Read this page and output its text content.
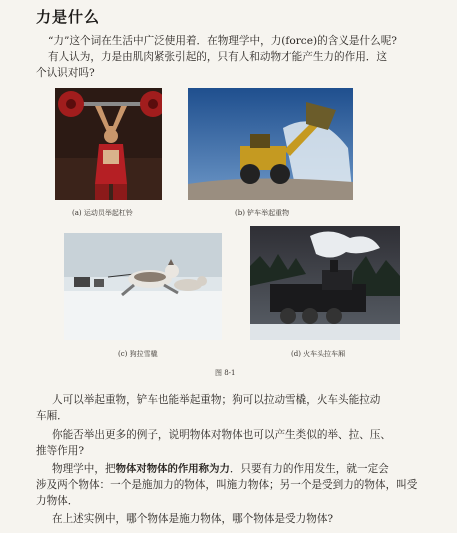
力是什么
“力”这个词在生活中广泛使用着．在物理学中，力(force)的含义是什么呢?
有人认为，力是由肌肉紧张引起的，只有人和动物才能产生力的作用．这
个认识对吗?
(a) 运动员举起杠铃	(b) 铲车举起重物
(c) 狗拉雪橇	(d) 火车头拉车厢
图 8-1
人可以举起重物，铲车也能举起重物；狗可以拉动雪橇，火车头能拉动
车厢．
你能否举出更多的例子，说明物体对物体也可以产生类似的举、拉、压、
推等作用?
物理学中，把物体对物体的作用称为力．只要有力的作用发生，就一定会
涉及两个物体：一个是施加力的物体，叫施力物体；另一个是受到力的物体，叫受
力物体．
在上述实例中，哪个物体是施力物体，哪个物体是受力物体?
